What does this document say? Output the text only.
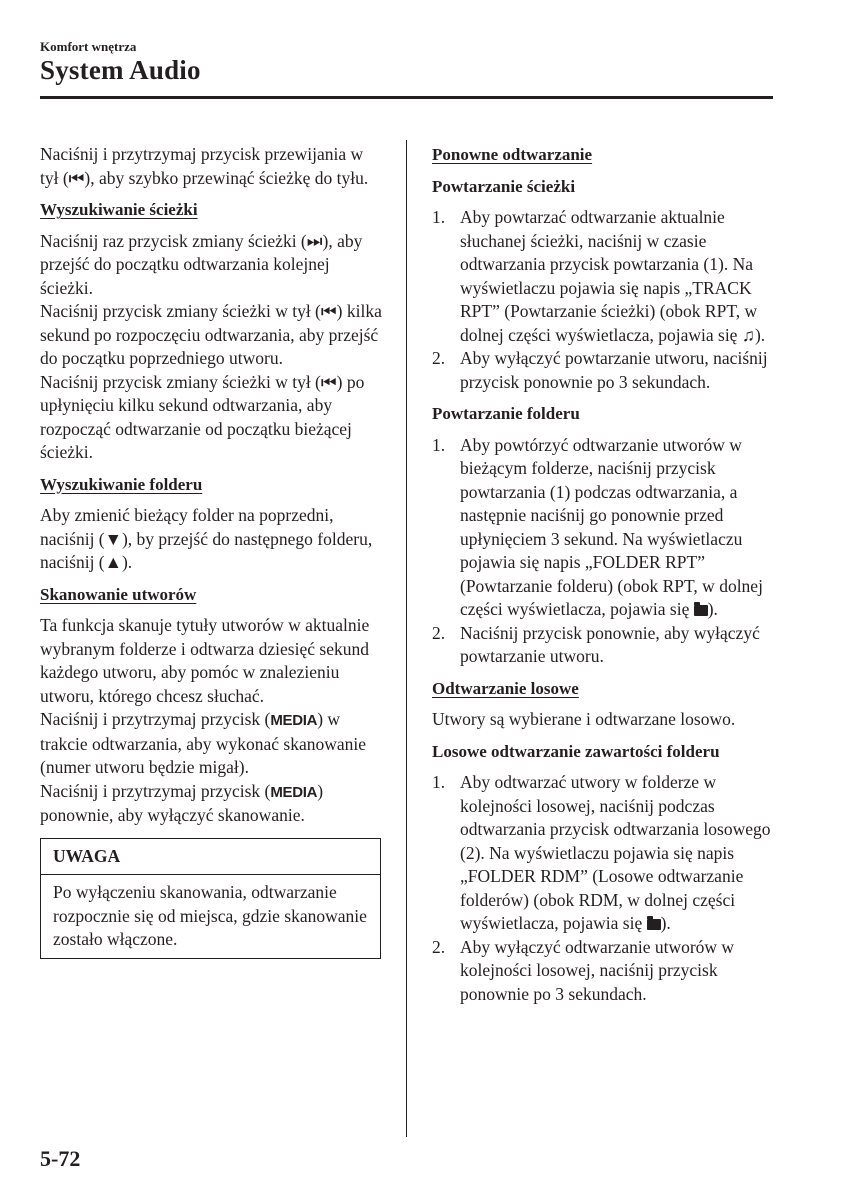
Komfort wnętrza
System Audio

Naciśnij i przytrzymaj przycisk przewijania w tył (⏮), aby szybko przewinąć ścieżkę do tyłu.

Wyszukiwanie ścieżki

Naciśnij raz przycisk zmiany ścieżki (⏭), aby przejść do początku odtwarzania kolejnej ścieżki.

Naciśnij przycisk zmiany ścieżki w tył (⏮) kilka sekund po rozpoczęciu odtwarzania, aby przejść do początku poprzedniego utworu.

Naciśnij przycisk zmiany ścieżki w tył (⏮) po upłynięciu kilku sekund odtwarzania, aby rozpocząć odtwarzanie od początku bieżącej ścieżki.

Wyszukiwanie folderu

Aby zmienić bieżący folder na poprzedni, naciśnij (▼), by przejść do następnego folderu, naciśnij (▲).

Skanowanie utworów

Ta funkcja skanuje tytuły utworów w aktualnie wybranym folderze i odtwarza dziesięć sekund każdego utworu, aby pomóc w znalezieniu utworu, którego chcesz słuchać.

Naciśnij i przytrzymaj przycisk (MEDIA) w trakcie odtwarzania, aby wykonać skanowanie (numer utworu będzie migał).

Naciśnij i przytrzymaj przycisk (MEDIA) ponownie, aby wyłączyć skanowanie.

UWAGA
Po wyłączeniu skanowania, odtwarzanie rozpocznie się od miejsca, gdzie skanowanie zostało włączone.
Ponowne odtwarzanie
Powtarzanie ścieżki
1. Aby powtarzać odtwarzanie aktualnie słuchanej ścieżki, naciśnij w czasie odtwarzania przycisk powtarzania (1). Na wyświetlaczu pojawia się napis „TRACK RPT” (Powtarzanie ścieżki) (obok RPT, w dolnej części wyświetlacza, pojawia się ♫).
2. Aby wyłączyć powtarzanie utworu, naciśnij przycisk ponownie po 3 sekundach.
Powtarzanie folderu
1. Aby powtórzyć odtwarzanie utworów w bieżącym folderze, naciśnij przycisk powtarzania (1) podczas odtwarzania, a następnie naciśnij go ponownie przed upłynięciem 3 sekund. Na wyświetlaczu pojawia się napis „FOLDER RPT” (Powtarzanie folderu) (obok RPT, w dolnej części wyświetlacza, pojawia się ).
2. Naciśnij przycisk ponownie, aby wyłączyć powtarzanie utworu.
Odtwarzanie losowe

Utwory są wybierane i odtwarzane losowo.

Losowe odtwarzanie zawartości folderu
1. Aby odtwarzać utwory w folderze w kolejności losowej, naciśnij podczas odtwarzania przycisk odtwarzania losowego (2). Na wyświetlaczu pojawia się napis „FOLDER RDM” (Losowe odtwarzanie folderów) (obok RDM, w dolnej części wyświetlacza, pojawia się ).
2. Aby wyłączyć odtwarzanie utworów w kolejności losowej, naciśnij przycisk ponownie po 3 sekundach.
5-72
